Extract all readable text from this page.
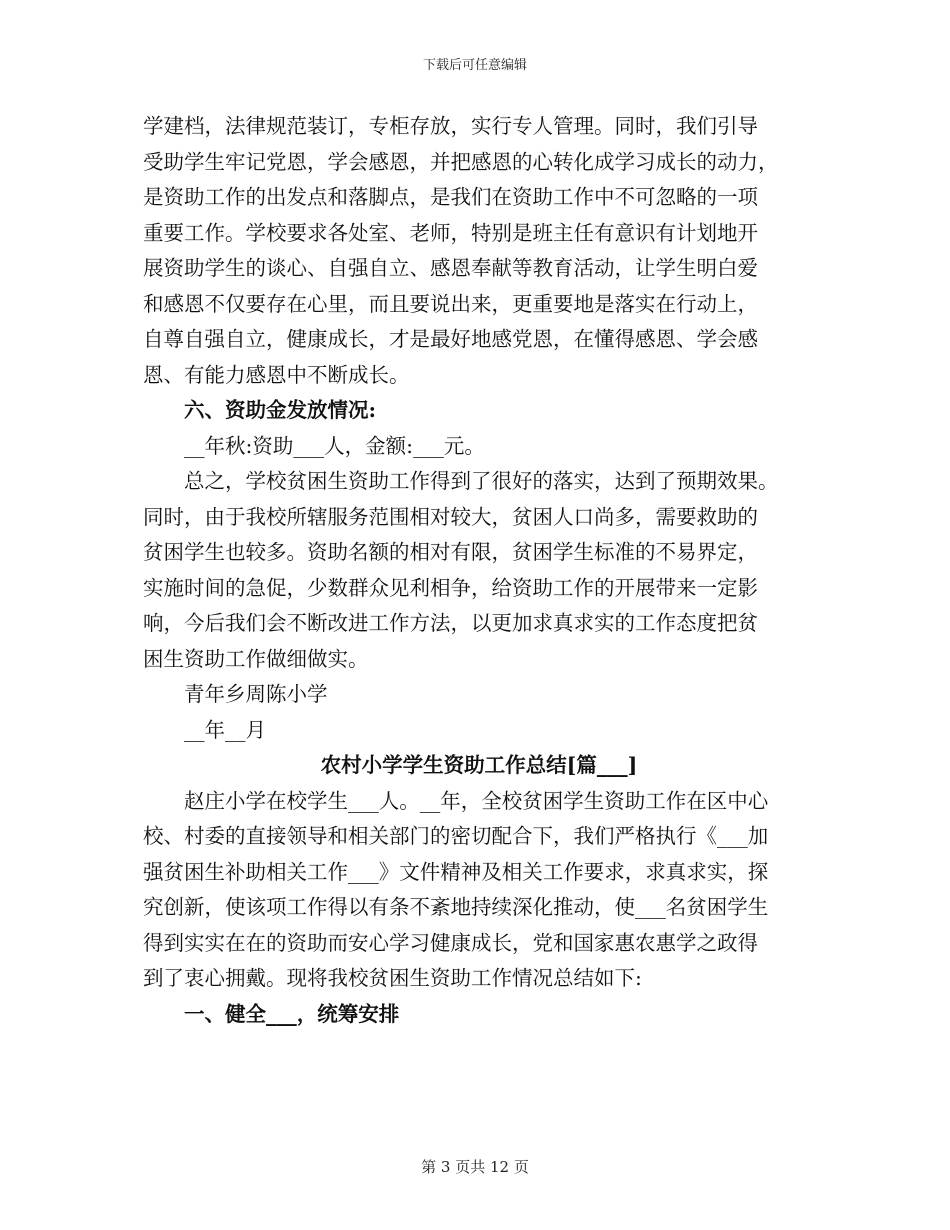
下载后可任意编辑
学建档，法律规范装订，专柜存放，实行专人管理。同时，我们引导
受助学生牢记党恩，学会感恩，并把感恩的心转化成学习成长的动力，
是资助工作的出发点和落脚点，是我们在资助工作中不可忽略的一项
重要工作。学校要求各处室、老师，特别是班主任有意识有计划地开
展资助学生的谈心、自强自立、感恩奉献等教育活动，让学生明白爱
和感恩不仅要存在心里，而且要说出来，更重要地是落实在行动上，
自尊自强自立，健康成长，才是最好地感党恩，在懂得感恩、学会感
恩、有能力感恩中不断成长。
六、资助金发放情况:
__年秋:资助___人，金额:___元。
总之，学校贫困生资助工作得到了很好的落实，达到了预期效果。
同时，由于我校所辖服务范围相对较大，贫困人口尚多，需要救助的
贫困学生也较多。资助名额的相对有限，贫困学生标准的不易界定，
实施时间的急促，少数群众见利相争，给资助工作的开展带来一定影
响，今后我们会不断改进工作方法，以更加求真求实的工作态度把贫
困生资助工作做细做实。
青年乡周陈小学
__年__月
农村小学学生资助工作总结[篇___]
赵庄小学在校学生___人。__年，全校贫困学生资助工作在区中心
校、村委的直接领导和相关部门的密切配合下，我们严格执行《___加
强贫困生补助相关工作___》文件精神及相关工作要求，求真求实，探
究创新，使该项工作得以有条不紊地持续深化推动，使___名贫困学生
得到实实在在的资助而安心学习健康成长，党和国家惠农惠学之政得
到了衷心拥戴。现将我校贫困生资助工作情况总结如下:
一、健全___，统筹安排
第 3 页共 12 页
